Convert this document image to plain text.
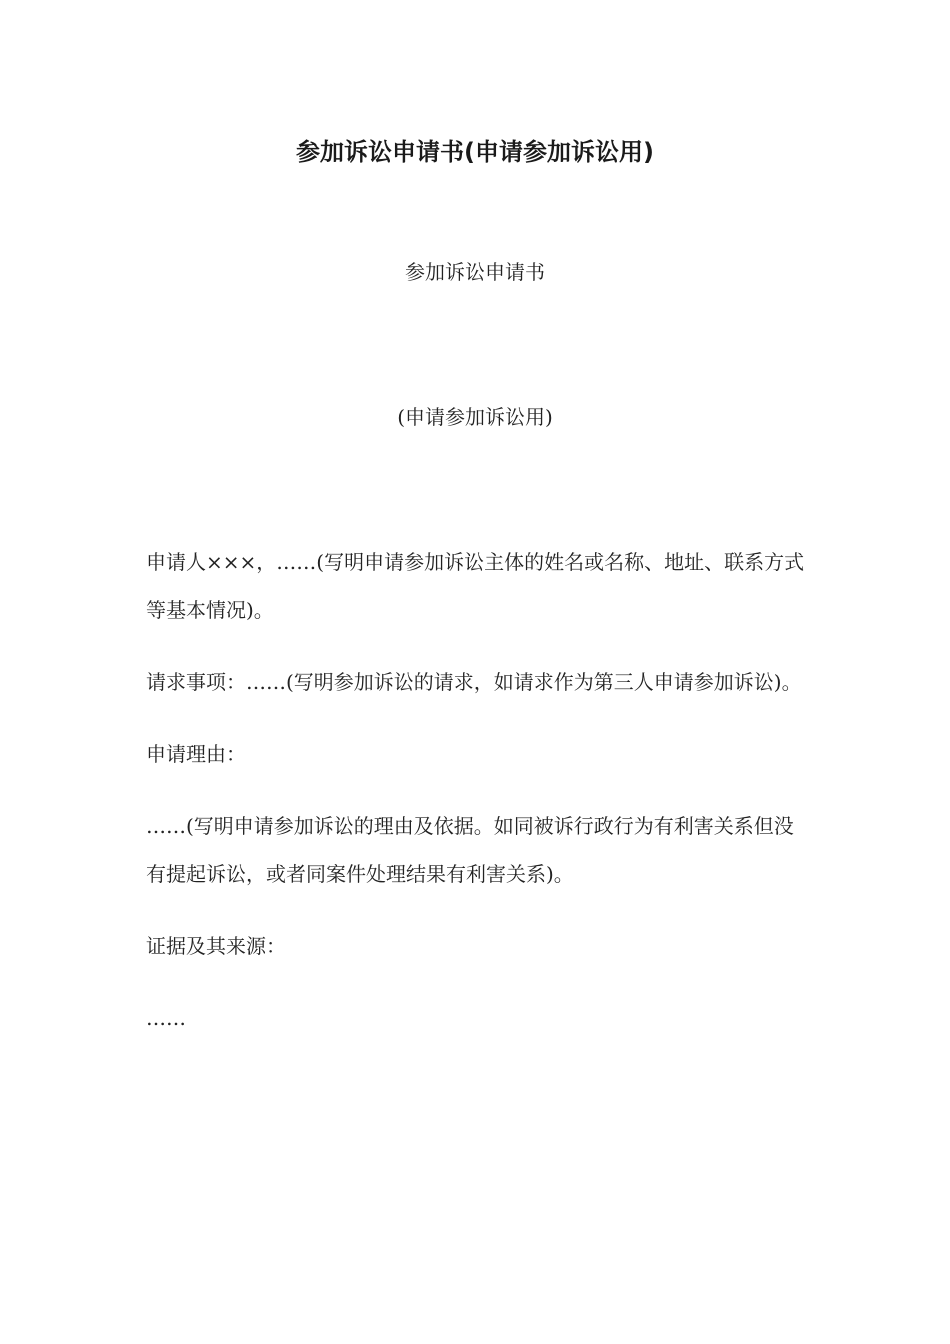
参加诉讼申请书(申请参加诉讼用)

参加诉讼申请书

(申请参加诉讼用)

申请人×××，……(写明申请参加诉讼主体的姓名或名称、地址、联系方式等基本情况)。

请求事项：……(写明参加诉讼的请求，如请求作为第三人申请参加诉讼)。

申请理由：

……(写明申请参加诉讼的理由及依据。如同被诉行政行为有利害关系但没有提起诉讼，或者同案件处理结果有利害关系)。

证据及其来源：

……
